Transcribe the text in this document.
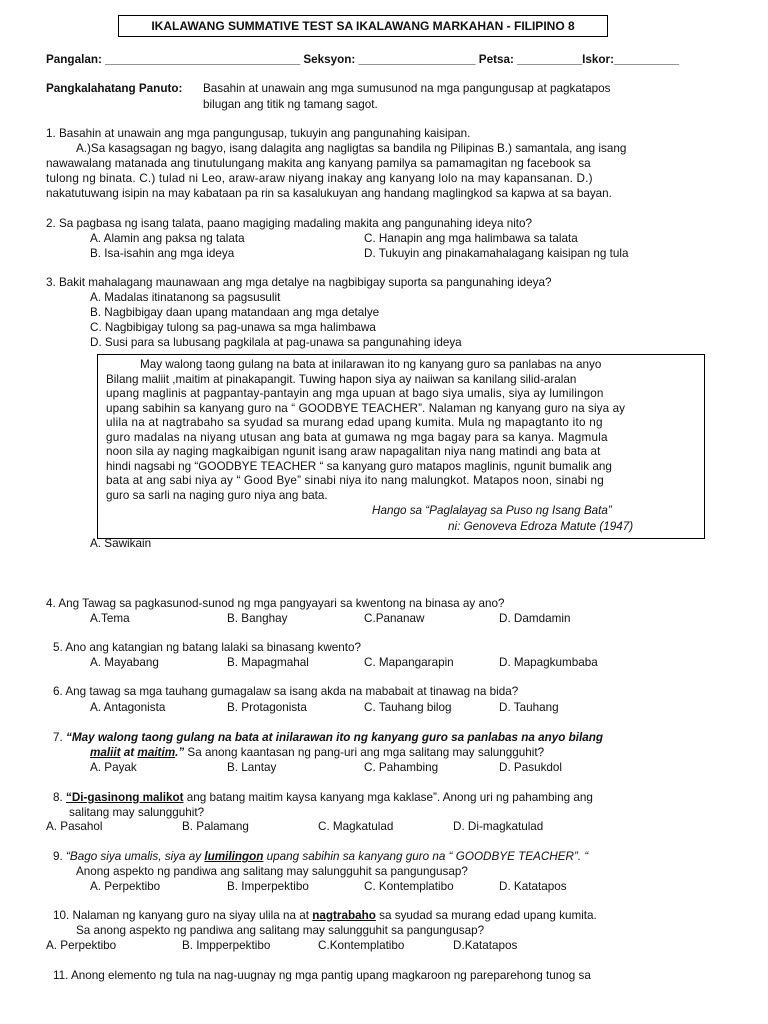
IKALAWANG SUMMATIVE TEST SA IKALAWANG MARKAHAN - FILIPINO 8
Pangalan: ______________________________ Seksyon: __________________ Petsa: __________Iskor:__________
Pangkalahatang Panuto: Basahin at unawain ang mga sumusunod na mga pangungusap at pagkatapos
bilugan ang titik ng tamang sagot.
1. Basahin at unawain ang mga pangungusap, tukuyin ang pangunahing kaisipan.
A.)Sa kasagsagan ng bagyo, isang dalagita ang nagligtas sa bandila ng Pilipinas B.) samantala, ang isang
nawawalang matanada ang tinutulungang makita ang kanyang pamilya sa pamamagitan ng facebook sa
tulong ng binata. C.) tulad ni Leo, araw-araw niyang inakay ang kanyang lolo na may kapansanan. D.)
nakatutuwang isipin na may kabataan pa rin sa kasalukuyan ang handang maglingkod sa kapwa at sa bayan.
2. Sa pagbasa ng isang talata, paano magiging madaling makita ang pangunahing ideya nito?
A. Alamin ang paksa ng talata	C. Hanapin ang mga halimbawa sa talata
B. Isa-isahin ang mga ideya	D. Tukuyin ang pinakamahalagang kaisipan ng tula
3. Bakit mahalagang maunawaan ang mga detalye na nagbibigay suporta sa pangunahing ideya?
A. Madalas itinatanong sa pagsusulit
B. Nagbibigay daan upang matandaan ang mga detalye
C. Nagbibigay tulong sa pag-unawa sa mga halimbawa
D. Susi para sa lubusang pagkilala at pag-unawa sa pangunahing ideya
May walong taong gulang na bata at inilarawan ito ng kanyang guro sa panlabas na anyo
Bilang maliit ,maitim at pinakapangit. Tuwing hapon siya ay naiiwan sa kanilang silid-aralan
upang maglinis at pagpantay-pantayin ang mga upuan at bago siya umalis, siya ay lumilingon
upang sabihin sa kanyang guro na “ GOODBYE TEACHER”. Nalaman ng kanyang guro na siya ay
ulila na at nagtrabaho sa syudad sa murang edad upang kumita. Mula ng mapagtanto ito ng
guro madalas na niyang utusan ang bata at gumawa ng mga bagay para sa kanya. Magmula
noon sila ay naging magkaibigan ngunit isang araw napagalitan niya nang matindi ang bata at
hindi nagsabi ng “GOODBYE TEACHER “ sa kanyang guro matapos maglinis, ngunit bumalik ang
bata at ang sabi niya ay “ Good Bye” sinabi niya ito nang malungkot. Matapos noon, sinabi ng
guro sa sarli na naging guro niya ang bata.
Hango sa “Paglalayag sa Puso ng Isang Bata”
ni: Genoveva Edroza Matute (1947)
A. Sawikain
4. Ang Tawag sa pagkasunod-sunod ng mga pangyayari sa kwentong na binasa ay ano?
A.Tema	B. Banghay	C.Pananaw	D. Damdamin
5. Ano ang katangian ng batang lalaki sa binasang kwento?
A. Mayabang	B. Mapagmahal	C. Mapangarapin	D. Mapagkumbaba
6. Ang tawag sa mga tauhang gumagalaw sa isang akda na mababait at tinawag na bida?
A. Antagonista	B. Protagonista	C. Tauhang bilog	D. Tauhang
7. “May walong taong gulang na bata at inilarawan ito ng kanyang guro sa panlabas na anyo bilang
maliit at maitim.” Sa anong kaantasan ng pang-uri ang mga salitang may salungguhit?
A. Payak	B. Lantay	C. Pahambing	D. Pasukdol
8. “Di-gasinong malikot ang batang maitim kaysa kanyang mga kaklase”. Anong uri ng pahambing ang
salitang may salungguhit?
A. Pasahol	B. Palamang	C. Magkatulad	D. Di-magkatulad
9. “Bago siya umalis, siya ay lumilingon upang sabihin sa kanyang guro na “ GOODBYE TEACHER”. “
Anong aspekto ng pandiwa ang salitang may salungguhit sa pangungusap?
A. Perpektibo	B. Imperpektibo	C. Kontemplatibo	D. Katatapos
10. Nalaman ng kanyang guro na siyay ulila na at nagtrabaho sa syudad sa murang edad upang kumita.
Sa anong aspekto ng pandiwa ang salitang may salungguhit sa pangungusap?
A. Perpektibo	B. Impperpektibo	C.Kontemplatibo	D.Katatapos
11. Anong elemento ng tula na nag-uugnay ng mga pantig upang magkaroon ng pareparehong tunog sa
